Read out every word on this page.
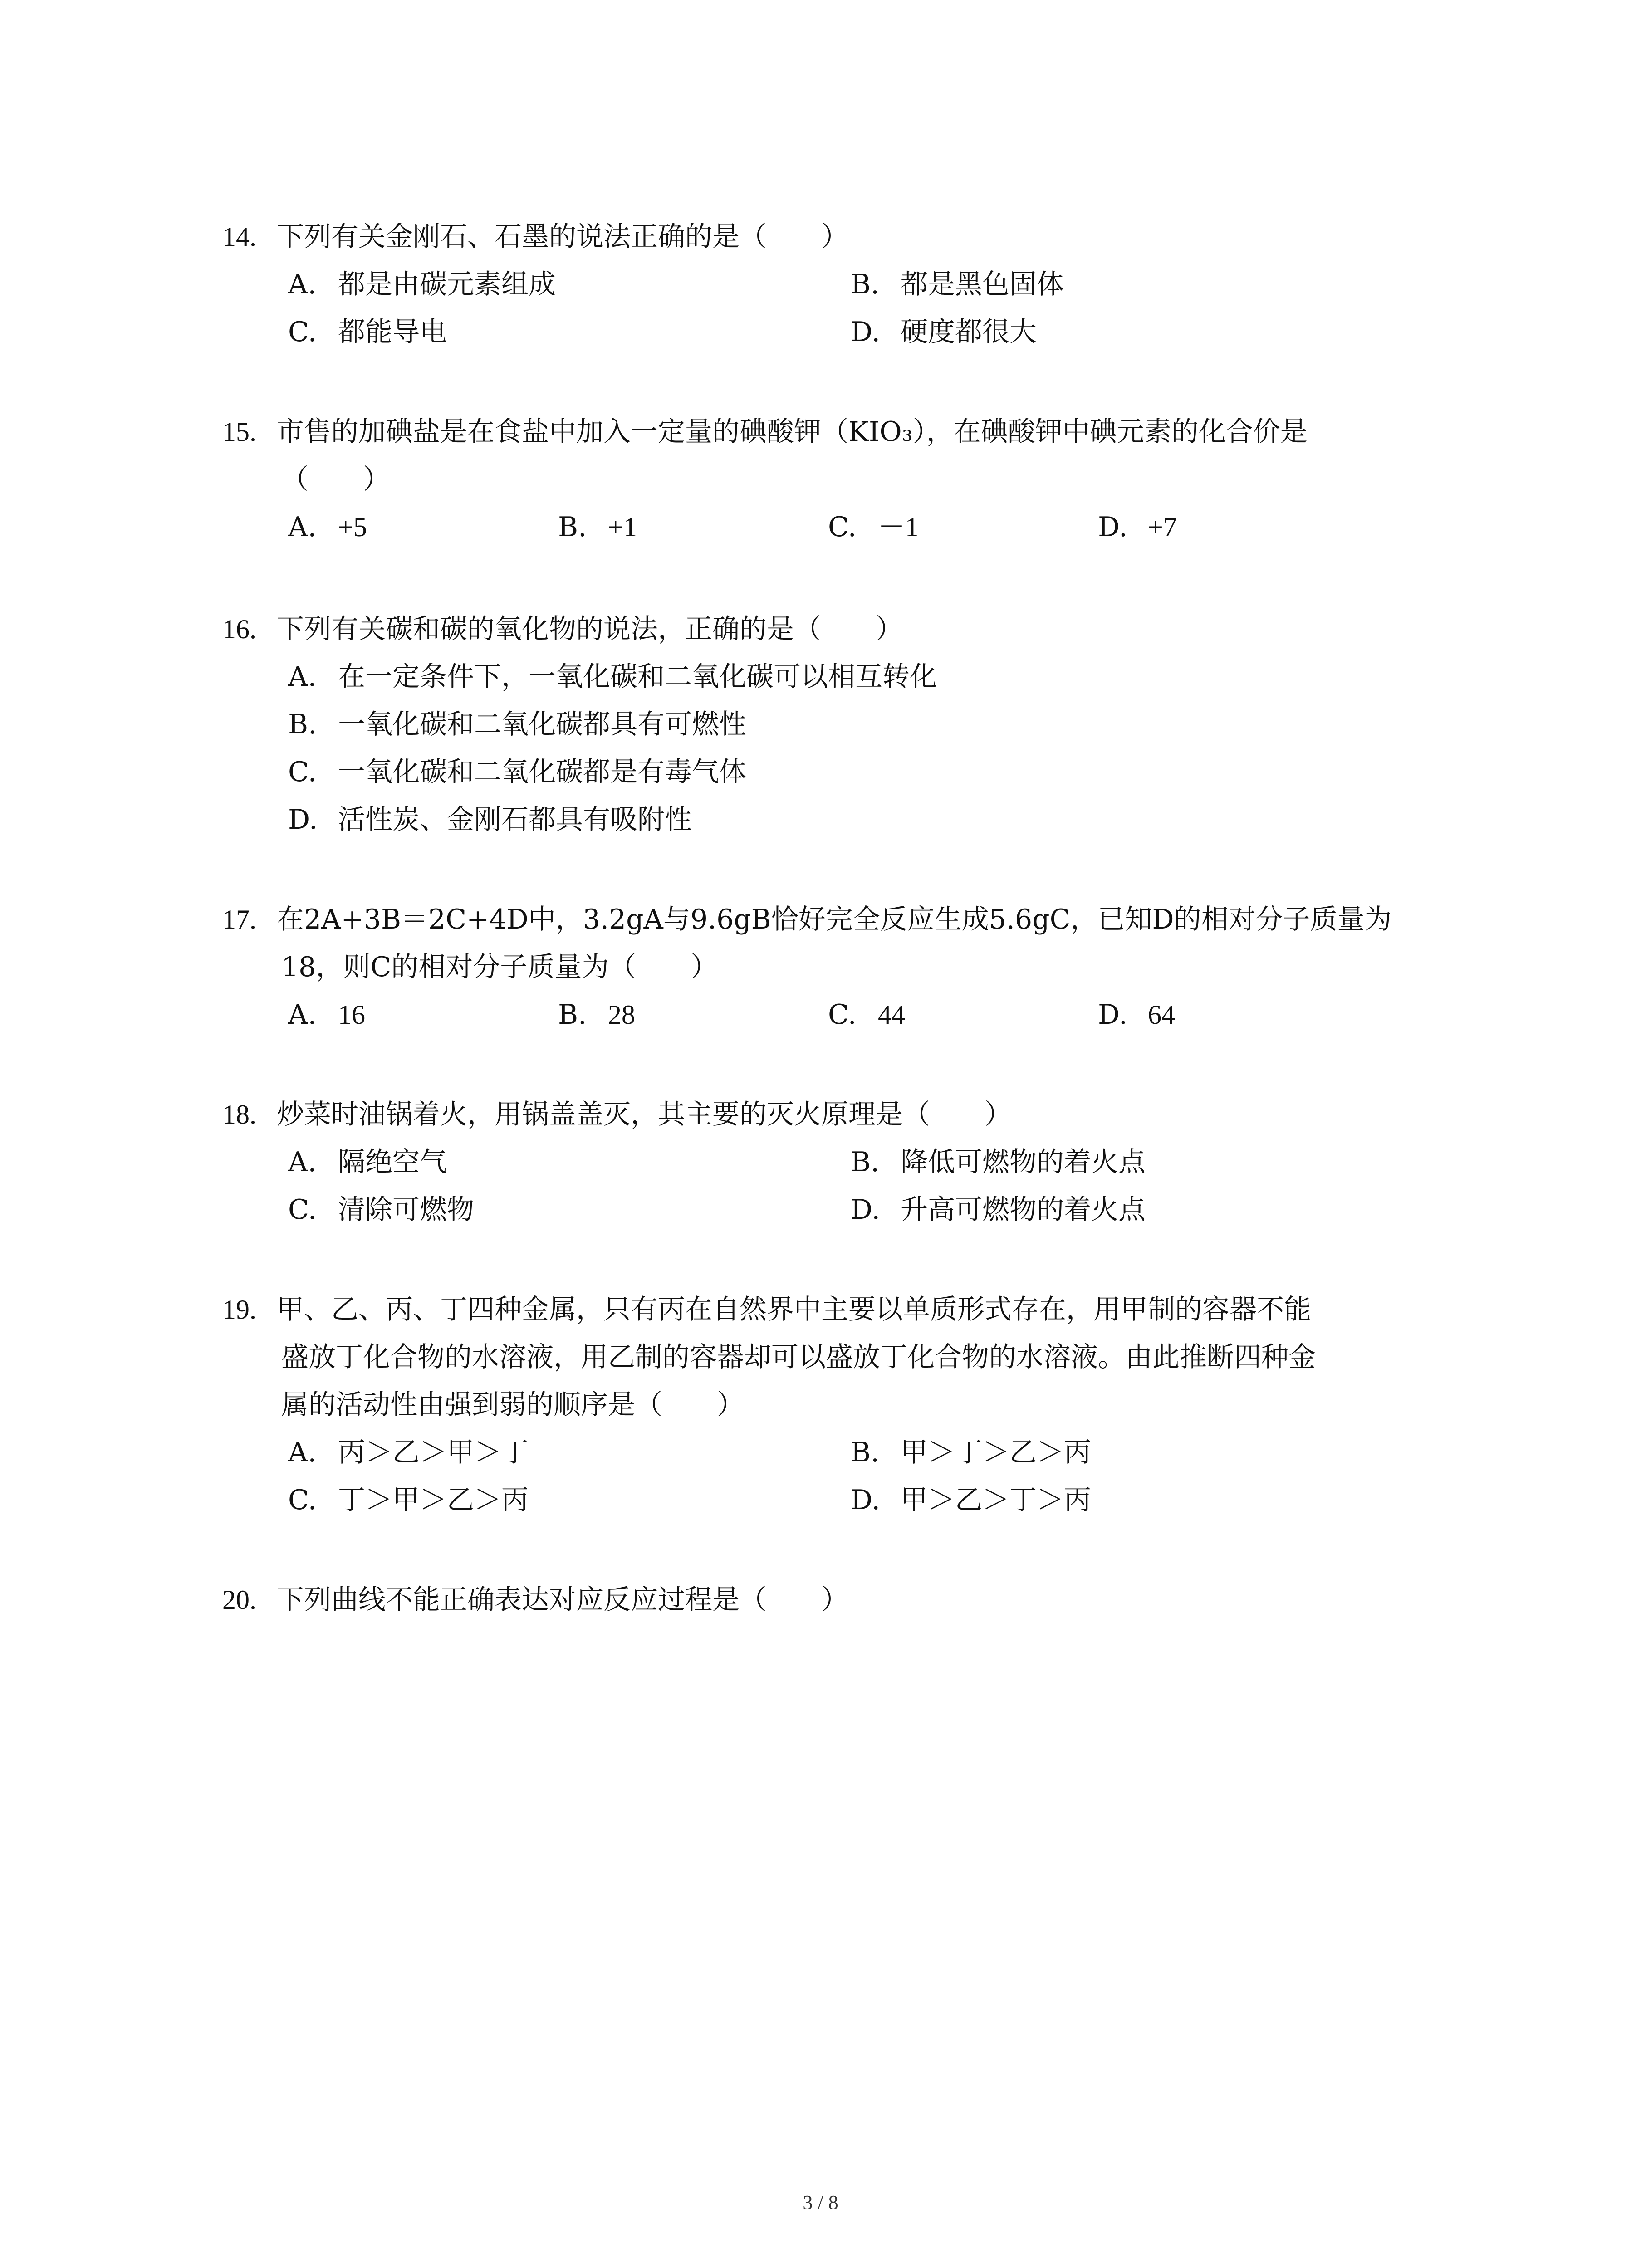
14. 下列有关金刚石、石墨的说法正确的是（　　）
A. 都是由碳元素组成	B. 都是黑色固体
C. 都能导电	D. 硬度都很大
15. 市售的加碘盐是在食盐中加入一定量的碘酸钾（KIO₃），在碘酸钾中碘元素的化合价是
（　　）
A. +5	B. +1	C. －1	D. +7
16. 下列有关碳和碳的氧化物的说法，正确的是（　　）
A. 在一定条件下，一氧化碳和二氧化碳可以相互转化
B. 一氧化碳和二氧化碳都具有可燃性
C. 一氧化碳和二氧化碳都是有毒气体
D. 活性炭、金刚石都具有吸附性
17. 在2A+3B＝2C+4D中，3.2gA与9.6gB恰好完全反应生成5.6gC，已知D的相对分子质量为
18，则C的相对分子质量为（　　）
A. 16	B. 28	C. 44	D. 64
18. 炒菜时油锅着火，用锅盖盖灭，其主要的灭火原理是（　　）
A. 隔绝空气	B. 降低可燃物的着火点
C. 清除可燃物	D. 升高可燃物的着火点
19. 甲、乙、丙、丁四种金属，只有丙在自然界中主要以单质形式存在，用甲制的容器不能
盛放丁化合物的水溶液，用乙制的容器却可以盛放丁化合物的水溶液。由此推断四种金
属的活动性由强到弱的顺序是（　　）
A. 丙＞乙＞甲＞丁	B. 甲＞丁＞乙＞丙
C. 丁＞甲＞乙＞丙	D. 甲＞乙＞丁＞丙
20. 下列曲线不能正确表达对应反应过程是（　　）
3 / 8
